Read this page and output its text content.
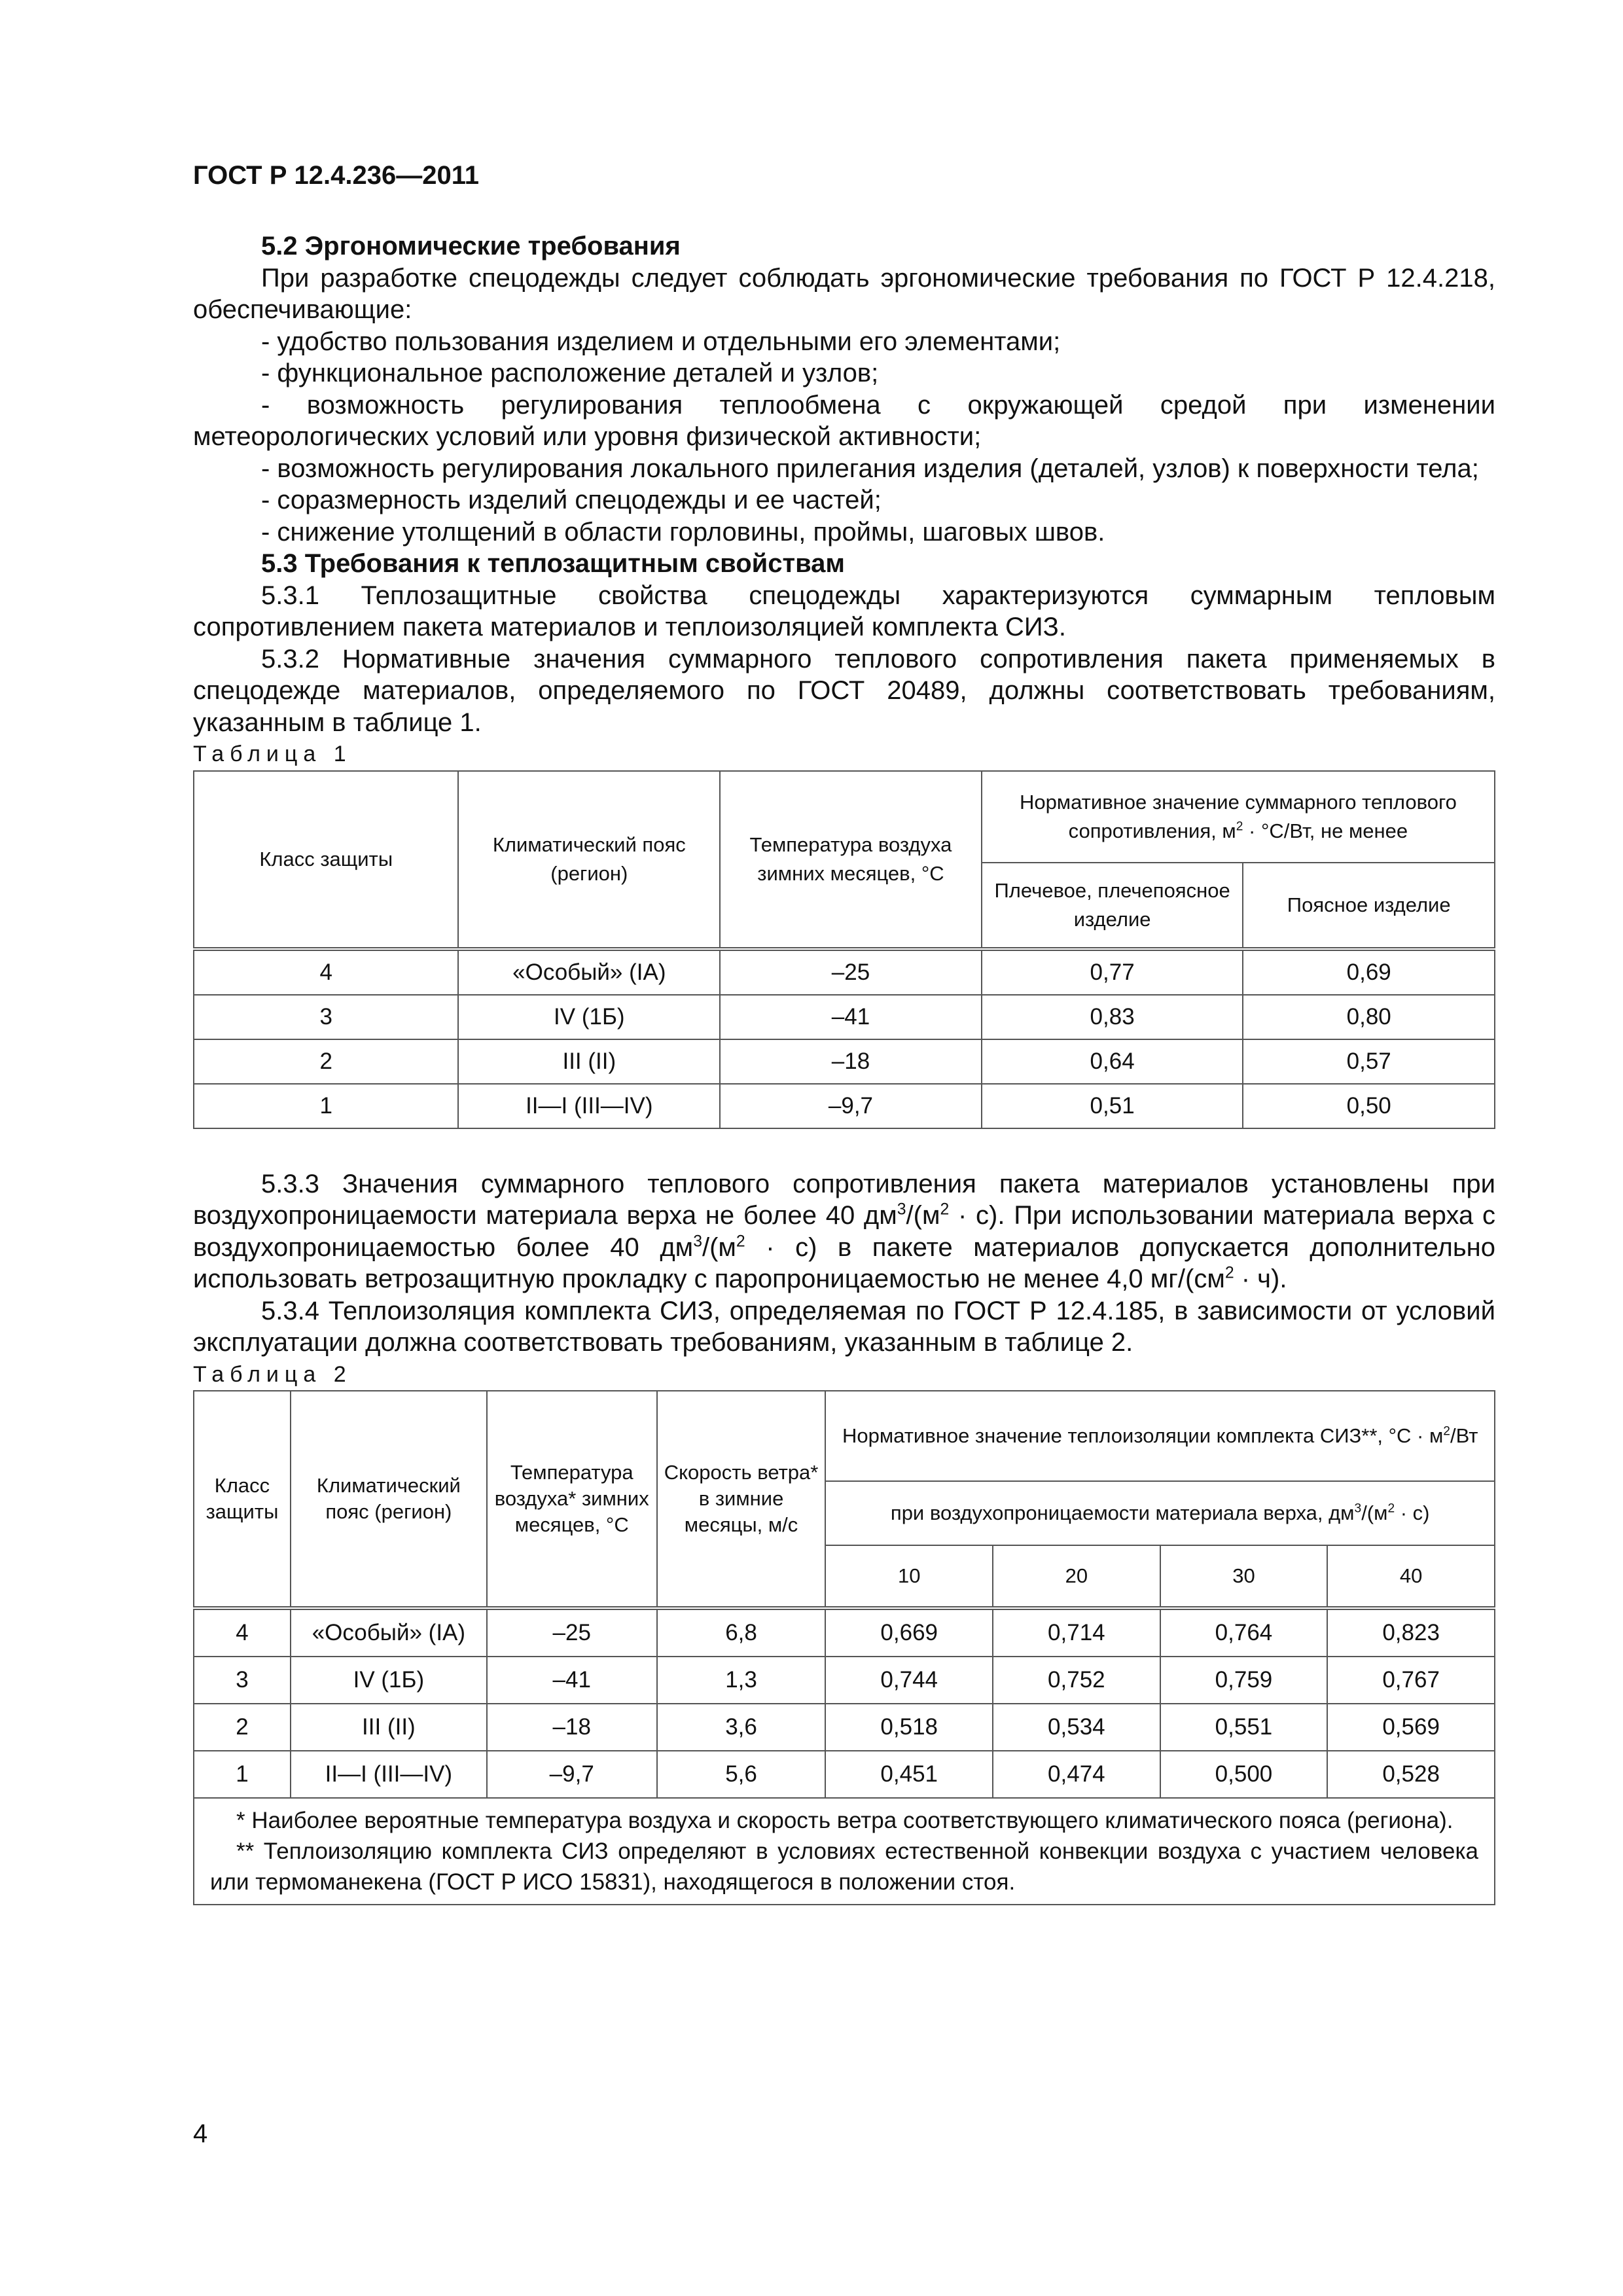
ГОСТ Р 12.4.236—2011

5.2 Эргономические требования

При разработке спецодежды следует соблюдать эргономические требования по ГОСТ Р 12.4.218, обеспечивающие:

- удобство пользования изделием и отдельными его элементами;

- функциональное расположение деталей и узлов;

- возможность регулирования теплообмена с окружающей средой при изменении метеорологических условий или уровня физической активности;

- возможность регулирования локального прилегания изделия (деталей, узлов) к поверхности тела;

- соразмерность изделий спецодежды и ее частей;

- снижение утолщений в области горловины, проймы, шаговых швов.

5.3 Требования к теплозащитным свойствам

5.3.1 Теплозащитные свойства спецодежды характеризуются суммарным тепловым сопротивлением пакета материалов и теплоизоляцией комплекта СИЗ.

5.3.2 Нормативные значения суммарного теплового сопротивления пакета применяемых в спецодежде материалов, определяемого по ГОСТ 20489, должны соответствовать требованиям, указанным в таблице 1.

Таблица 1

Класс защиты	Климатический пояс (регион)	Температура воздуха зимних месяцев, °С	Нормативное значение суммарного теплового сопротивления, $м^2 \cdot ^\circ С/Вт$, не менее	
			Плечевое, плечепоясное изделие	Поясное изделие
4	«Особый» (IA)	–25	0,77	0,69
3	IV (1Б)	–41	0,83	0,80
2	III (II)	–18	0,64	0,57
1	II—I (III—IV)	–9,7	0,51	0,50

5.3.3 Значения суммарного теплового сопротивления пакета материалов установлены при воздухопроницаемости материала верха не более 40 $дм^3/(м^2 \cdot с)$. При использовании материала верха с воздухопроницаемостью более 40 $дм^3/(м^2 \cdot с)$ в пакете материалов допускается дополнительно использовать ветрозащитную прокладку с паропроницаемостью не менее 4,0 $мг/(см^2 \cdot ч)$.

5.3.4 Теплоизоляция комплекта СИЗ, определяемая по ГОСТ Р 12.4.185, в зависимости от условий эксплуатации должна соответствовать требованиям, указанным в таблице 2.

Таблица 2

Класс защиты	Климатический пояс (регион)	Температура воздуха* зимних месяцев, °С	Скорость ветра* в зимние месяцы, м/с	Нормативное значение теплоизоляции комплекта СИЗ**, $^\circ С \cdot м^2/Вт$			
				при воздухопроницаемости материала верха, $дм^3/(м^2 \cdot с)$			
				10	20	30	40
4	«Особый» (IA)	–25	6,8	0,669	0,714	0,764	0,823
3	IV (1Б)	–41	1,3	0,744	0,752	0,759	0,767
2	III (II)	–18	3,6	0,518	0,534	0,551	0,569
1	II—I (III—IV)	–9,7	5,6	0,451	0,474	0,500	0,528

* Наиболее вероятные температура воздуха и скорость ветра соответствующего климатического пояса (региона).
** Теплоизоляцию комплекта СИЗ определяют в условиях естественной конвекции воздуха с участием человека или термоманекена (ГОСТ Р ИСО 15831), находящегося в положении стоя.							
4
